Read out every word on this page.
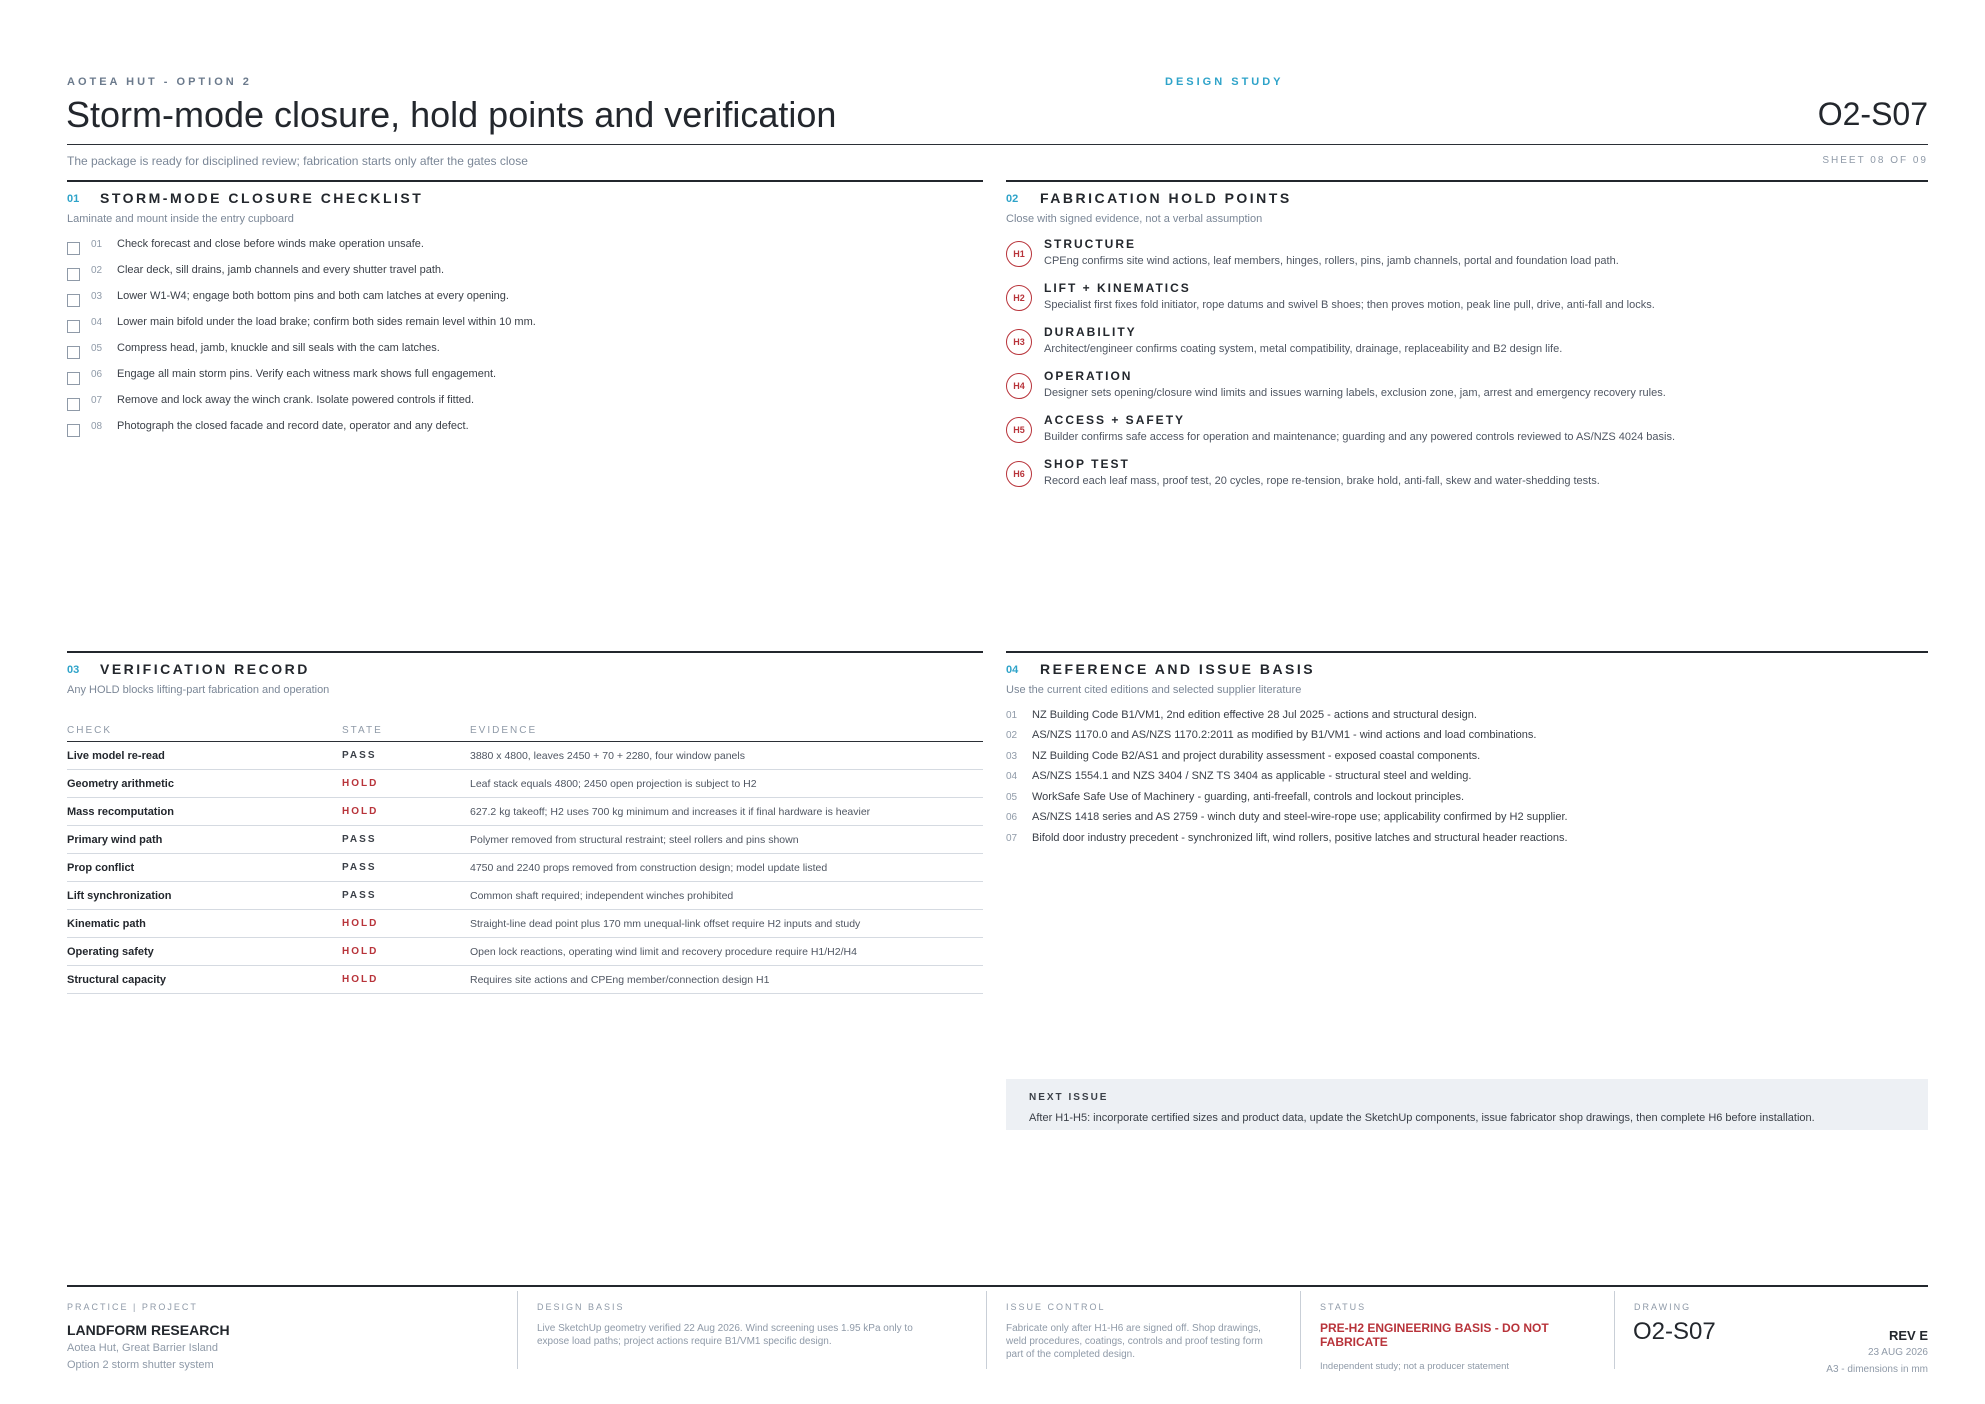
AOTEA HUT - OPTION 2	DESIGN STUDY
Storm-mode closure, hold points and verification	O2-S07
The package is ready for disciplined review; fabrication starts only after the gates close	SHEET 08 OF 09
01 STORM-MODE CLOSURE CHECKLIST
Laminate and mount inside the entry cupboard
01	Check forecast and close before winds make operation unsafe.
02	Clear deck, sill drains, jamb channels and every shutter travel path.
03	Lower W1-W4; engage both bottom pins and both cam latches at every opening.
04	Lower main bifold under the load brake; confirm both sides remain level within 10 mm.
05	Compress head, jamb, knuckle and sill seals with the cam latches.
06	Engage all main storm pins. Verify each witness mark shows full engagement.
07	Remove and lock away the winch crank. Isolate powered controls if fitted.
08	Photograph the closed facade and record date, operator and any defect.
02 FABRICATION HOLD POINTS
Close with signed evidence, not a verbal assumption
H1
STRUCTURE
CPEng confirms site wind actions, leaf members, hinges, rollers, pins, jamb channels, portal and foundation load path.
H2
LIFT + KINEMATICS
Specialist first fixes fold initiator, rope datums and swivel B shoes; then proves motion, peak line pull, drive, anti-fall and locks.
H3
DURABILITY
Architect/engineer confirms coating system, metal compatibility, drainage, replaceability and B2 design life.
H4
OPERATION
Designer sets opening/closure wind limits and issues warning labels, exclusion zone, jam, arrest and emergency recovery rules.
H5
ACCESS + SAFETY
Builder confirms safe access for operation and maintenance; guarding and any powered controls reviewed to AS/NZS 4024 basis.
H6
SHOP TEST
Record each leaf mass, proof test, 20 cycles, rope re-tension, brake hold, anti-fall, skew and water-shedding tests.
03 VERIFICATION RECORD
Any HOLD blocks lifting-part fabrication and operation
CHECK	STATE	EVIDENCE
Live model re-read	PASS	3880 x 4800, leaves 2450 + 70 + 2280, four window panels
Geometry arithmetic	HOLD	Leaf stack equals 4800; 2450 open projection is subject to H2
Mass recomputation	HOLD	627.2 kg takeoff; H2 uses 700 kg minimum and increases it if final hardware is heavier
Primary wind path	PASS	Polymer removed from structural restraint; steel rollers and pins shown
Prop conflict	PASS	4750 and 2240 props removed from construction design; model update listed
Lift synchronization	PASS	Common shaft required; independent winches prohibited
Kinematic path	HOLD	Straight-line dead point plus 170 mm unequal-link offset require H2 inputs and study
Operating safety	HOLD	Open lock reactions, operating wind limit and recovery procedure require H1/H2/H4
Structural capacity	HOLD	Requires site actions and CPEng member/connection design H1
04 REFERENCE AND ISSUE BASIS
Use the current cited editions and selected supplier literature
01	NZ Building Code B1/VM1, 2nd edition effective 28 Jul 2025 - actions and structural design.
02	AS/NZS 1170.0 and AS/NZS 1170.2:2011 as modified by B1/VM1 - wind actions and load combinations.
03	NZ Building Code B2/AS1 and project durability assessment - exposed coastal components.
04	AS/NZS 1554.1 and NZS 3404 / SNZ TS 3404 as applicable - structural steel and welding.
05	WorkSafe Safe Use of Machinery - guarding, anti-freefall, controls and lockout principles.
06	AS/NZS 1418 series and AS 2759 - winch duty and steel-wire-rope use; applicability confirmed by H2 supplier.
07	Bifold door industry precedent - synchronized lift, wind rollers, positive latches and structural header reactions.
NEXT ISSUE
After H1-H5: incorporate certified sizes and product data, update the SketchUp components, issue fabricator shop drawings, then complete H6 before installation.
PRACTICE | PROJECT
LANDFORM RESEARCH
Aotea Hut, Great Barrier Island
Option 2 storm shutter system
DESIGN BASIS
Live SketchUp geometry verified 22 Aug 2026. Wind screening uses 1.95 kPa only to expose load paths; project actions require B1/VM1 specific design.
ISSUE CONTROL
Fabricate only after H1-H6 are signed off. Shop drawings, weld procedures, coatings, controls and proof testing form part of the completed design.
STATUS
PRE-H2 ENGINEERING BASIS - DO NOT FABRICATE
Independent study; not a producer statement
DRAWING
O2-S07	REV E
23 AUG 2026
A3 - dimensions in mm
